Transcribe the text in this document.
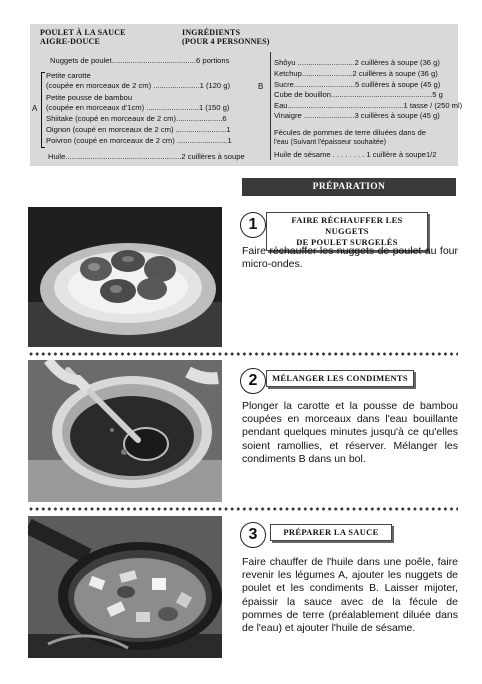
POULET À LA SAUCE
AIGRE-DOUCE
INGRÉDIENTS
(POUR 4 PERSONNES)
Nuggets de poulet........................................6 portions
A
Petite carotte
(coupée en morceaux de 2 cm) ......................1 (120 g)
Petite pousse de bambou
(coupée en morceaux d'1cm) .........................1 (150 g)
Shiitake (coupé en morceaux de 2 cm)......................6
Oignon (coupé en morceaux de 2 cm) ........................1
Poivron (coupé en morceaux de 2 cm) ........................1
Huile.......................................................2 cuillères à soupe
B
Shôyu ...........................2 cuillères à soupe (36 g)
Ketchup........................2 cuillères à soupe (36 g)
Sucre.............................5 cuillères à soupe (45 g)
Cube de bouillon................................................5 g
Eau.......................................................1 tasse / (250 ml)
Vinaigre ........................3 cuillères à soupe (45 g)
Fécules de pommes de terre diluées dans de
l'eau (Suivant l'épaisseur souhaitée)
Huile de sésame . . . . . . . . 1 cuillère à soupe1/2
PRÉPARATION
1	FAIRE RÉCHAUFFER LES NUGGETS
DE POULET SURGELÉS
Faire réchauffer les nuggets de poulet au four micro-ondes.
2	MÉLANGER LES CONDIMENTS
Plonger la carotte et la pousse de bambou coupées en morceaux dans l'eau bouillante pendant quelques minutes jusqu'à ce qu'elles soient ramollies, et réserver. Mélanger les condiments B dans un bol.
3	PRÉPARER LA SAUCE
Faire chauffer de l'huile dans une poêle, faire revenir les légumes A, ajouter les nuggets de poulet et les condiments B. Laisser mijoter, épaissir la sauce avec de la fécule de pommes de terre (préalablement diluée dans de l'eau) et ajouter l'huile de sésame.
